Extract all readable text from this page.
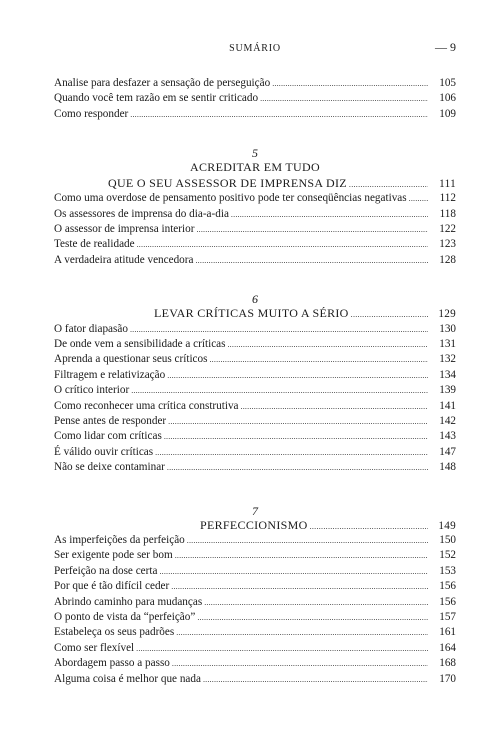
SUMÁRIO	— 9
Analise para desfazer a sensação de perseguição .....	105
Quando você tem razão em se sentir criticado .....	106
Como responder .....	109
5
ACREDITAR EM TUDO
QUE O SEU ASSESSOR DE IMPRENSA DIZ .....	111
Como uma overdose de pensamento positivo pode ter conseqüências negativas .....	112
Os assessores de imprensa do dia-a-dia .....	118
O assessor de imprensa interior .....	122
Teste de realidade .....	123
A verdadeira atitude vencedora .....	128
6
LEVAR CRÍTICAS MUITO A SÉRIO .....	129
O fator diapasão .....	130
De onde vem a sensibilidade a críticas .....	131
Aprenda a questionar seus críticos .....	132
Filtragem e relativização .....	134
O crítico interior .....	139
Como reconhecer uma crítica construtiva .....	141
Pense antes de responder .....	142
Como lidar com críticas .....	143
É válido ouvir críticas .....	147
Não se deixe contaminar .....	148
7
PERFECCIONISMO .....	149
As imperfeições da perfeição .....	150
Ser exigente pode ser bom .....	152
Perfeição na dose certa .....	153
Por que é tão difícil ceder .....	156
Abrindo caminho para mudanças .....	156
O ponto de vista da “perfeição” .....	157
Estabeleça os seus padrões .....	161
Como ser flexível .....	164
Abordagem passo a passo .....	168
Alguma coisa é melhor que nada .....	170
